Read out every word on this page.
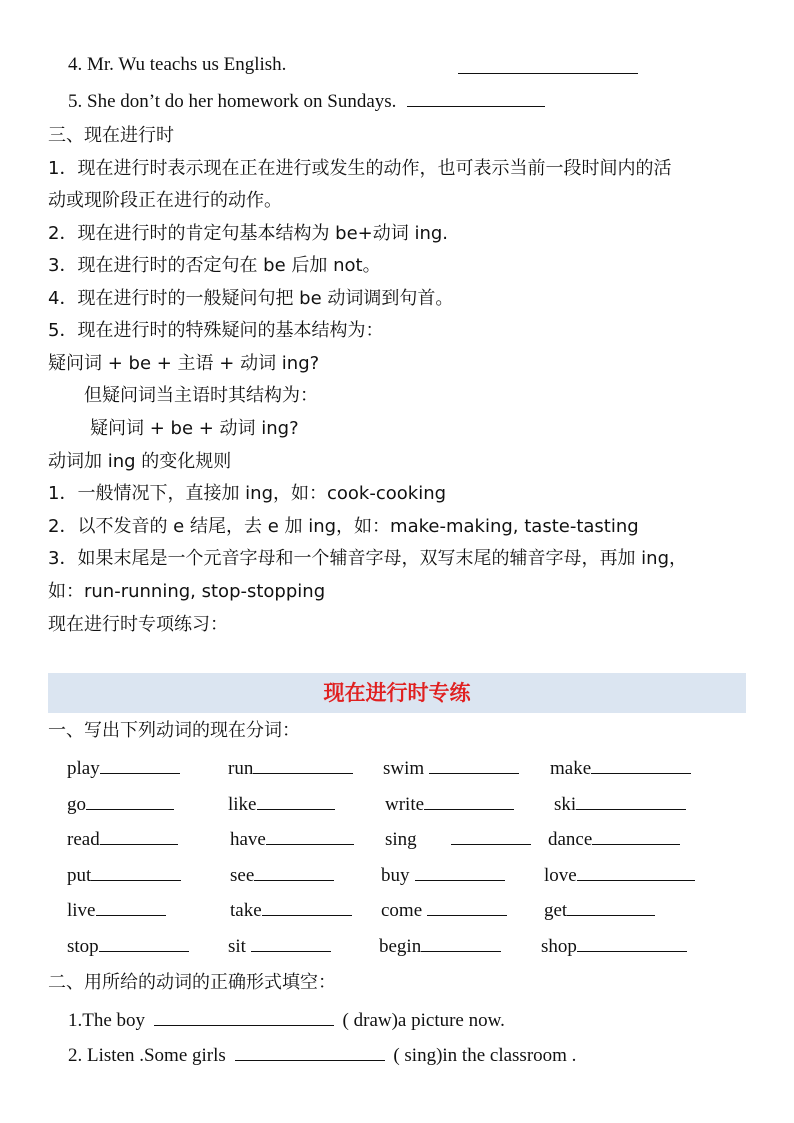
4. Mr. Wu teachs us English.
5. She don’t do her homework on Sundays.
三、现在进行时
1．现在进行时表示现在正在进行或发生的动作，也可表示当前一段时间内的活
动或现阶段正在进行的动作。
2．现在进行时的肯定句基本结构为 be+动词 ing.
3．现在进行时的否定句在 be 后加 not。
4．现在进行时的一般疑问句把 be 动词调到句首。
5．现在进行时的特殊疑问的基本结构为：
疑问词 + be + 主语 + 动词 ing?
但疑问词当主语时其结构为：
疑问词 + be + 动词 ing?
动词加 ing 的变化规则
1．一般情况下，直接加 ing，如：cook-cooking
2．以不发音的 e 结尾，去 e 加 ing，如：make-making, taste-tasting
3．如果末尾是一个元音字母和一个辅音字母，双写末尾的辅音字母，再加 ing，
如：run-running, stop-stopping
现在进行时专项练习：
现在进行时专练
一、写出下列动词的现在分词：
play	run	swim	make
go	like	write	ski
read	have	sing	dance
put	see	buy	love
live	take	come	get
stop	sit	begin	shop
二、用所给的动词的正确形式填空：
1.The boy	( draw)a picture now.
2. Listen .Some girls	( sing)in the classroom .
